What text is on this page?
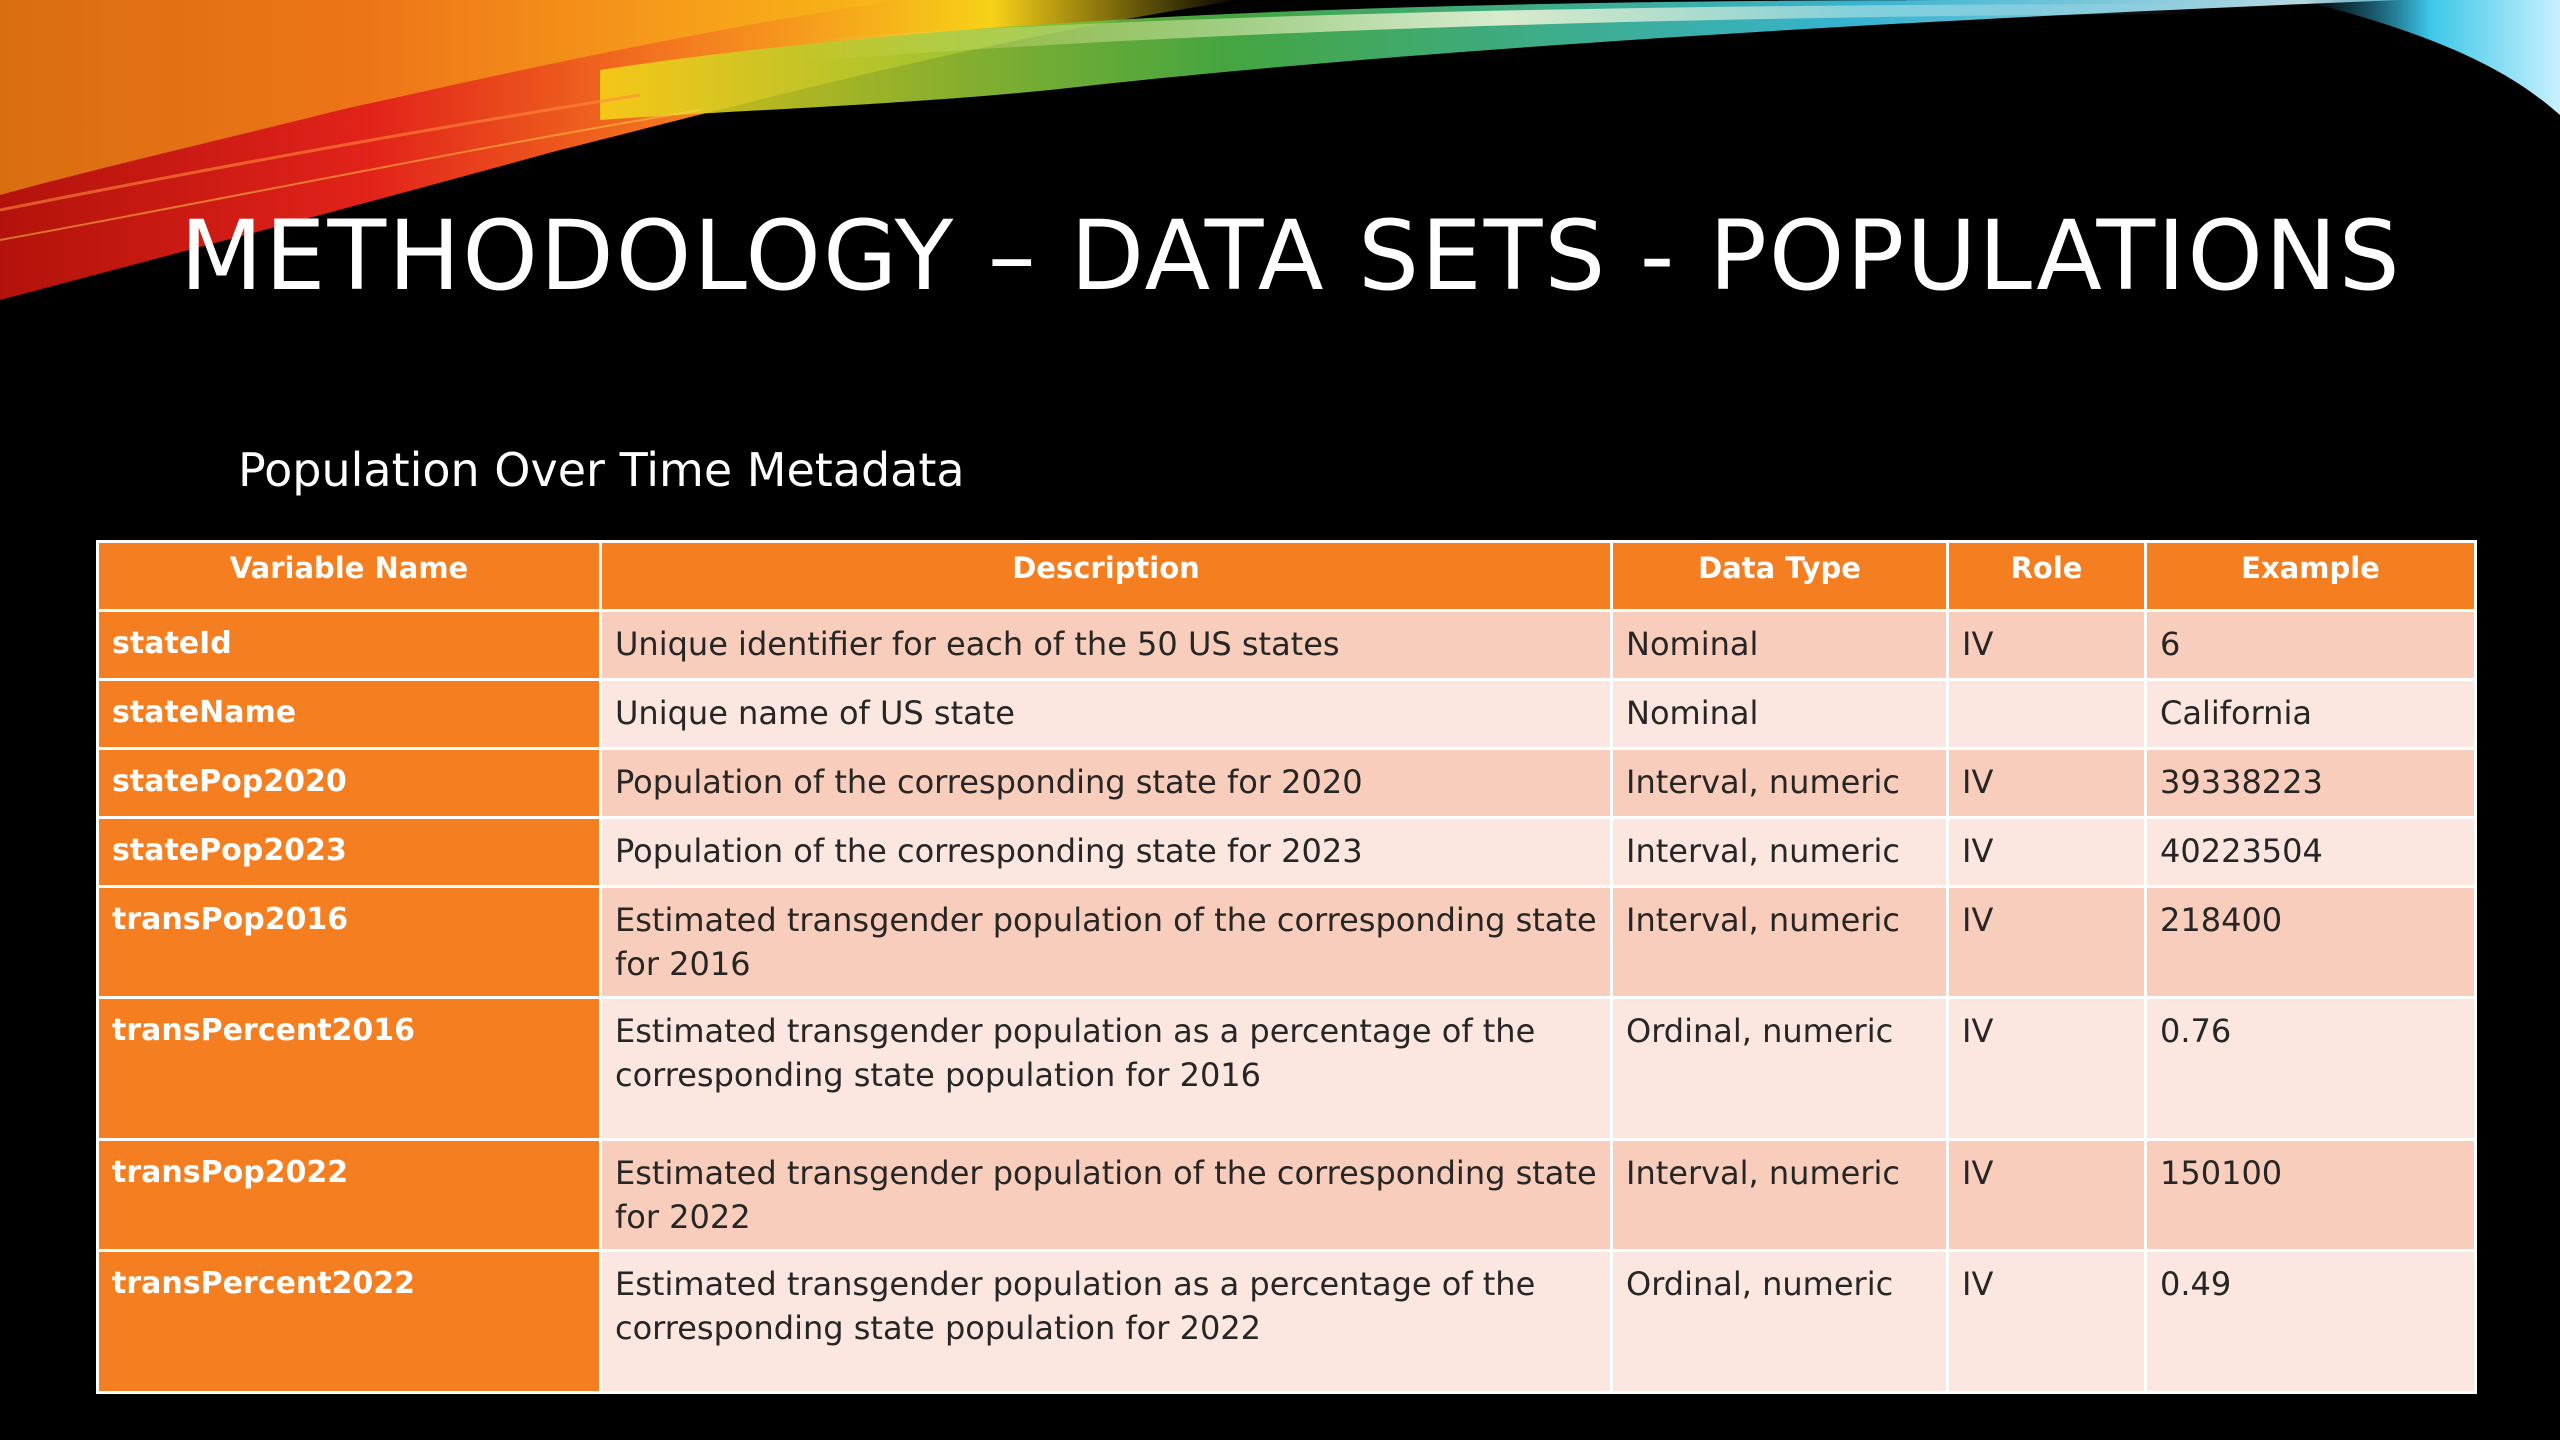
METHODOLOGY – DATA SETS - POPULATIONS
Population Over Time Metadata
Variable Name	Description	Data Type	Role	Example
stateId	Unique identifier for each of the 50 US states	Nominal	IV	6
stateName	Unique name of US state	Nominal		California
statePop2020	Population of the corresponding state for 2020	Interval, numeric	IV	39338223
statePop2023	Population of the corresponding state for 2023	Interval, numeric	IV	40223504
transPop2016	Estimated transgender population of the corresponding state for 2016	Interval, numeric	IV	218400
transPercent2016	Estimated transgender population as a percentage of the corresponding state population for 2016	Ordinal, numeric	IV	0.76
transPop2022	Estimated transgender population of the corresponding state for 2022	Interval, numeric	IV	150100
transPercent2022	Estimated transgender population as a percentage of the corresponding state population for 2022	Ordinal, numeric	IV	0.49
